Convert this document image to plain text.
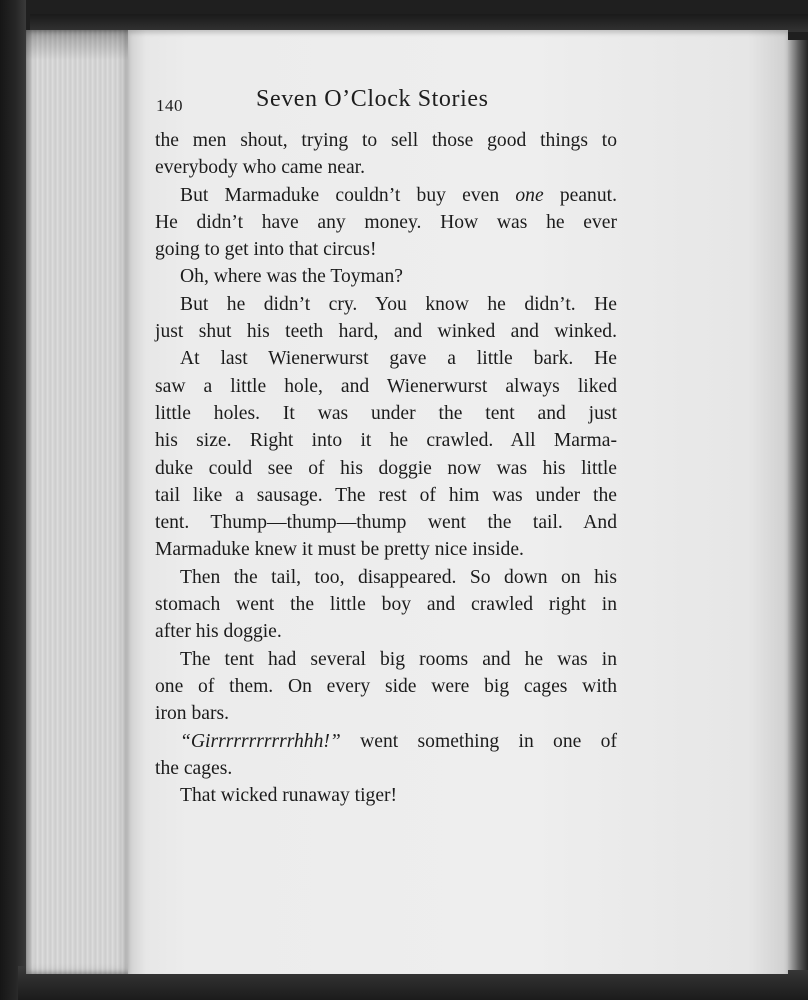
140	Seven O’Clock Stories
the men shout, trying to sell those good things to
everybody who came near.
But Marmaduke couldn’t buy even one peanut.
He didn’t have any money. How was he ever
going to get into that circus!
Oh, where was the Toyman?
But he didn’t cry. You know he didn’t. He
just shut his teeth hard, and winked and winked.
At last Wienerwurst gave a little bark. He
saw a little hole, and Wienerwurst always liked
little holes. It was under the tent and just
his size. Right into it he crawled. All Marma-
duke could see of his doggie now was his little
tail like a sausage. The rest of him was under the
tent. Thump—thump—thump went the tail. And
Marmaduke knew it must be pretty nice inside.
Then the tail, too, disappeared. So down on his
stomach went the little boy and crawled right in
after his doggie.
The tent had several big rooms and he was in
one of them. On every side were big cages with
iron bars.
“Girrrrrrrrrrrhhh!” went something in one of
the cages.
That wicked runaway tiger!
